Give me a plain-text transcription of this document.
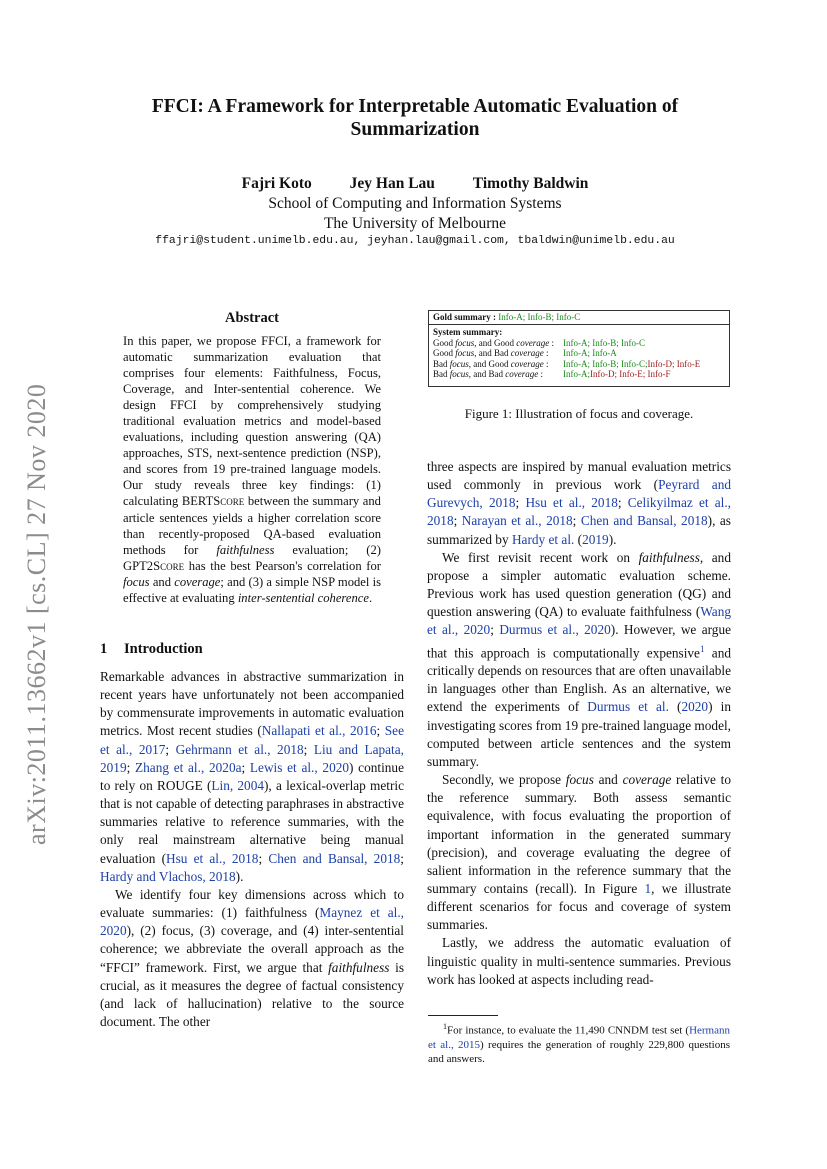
arXiv:2011.13662v1 [cs.CL] 27 Nov 2020
FFCI: A Framework for Interpretable Automatic Evaluation of
Summarization
Fajri Koto Jey Han Lau Timothy Baldwin
School of Computing and Information Systems
The University of Melbourne
ffajri@student.unimelb.edu.au, jeyhan.lau@gmail.com, tbaldwin@unimelb.edu.au
Abstract
In this paper, we propose FFCI, a framework for automatic summarization evaluation that comprises four elements: Faithfulness, Focus, Coverage, and Inter-sentential coherence. We design FFCI by comprehensively studying traditional evaluation metrics and model-based evaluations, including question answering (QA) approaches, STS, next-sentence prediction (NSP), and scores from 19 pre-trained language models. Our study reveals three key findings: (1) calculating BERTScore between the summary and article sentences yields a higher correlation score than recently-proposed QA-based evaluation methods for faithfulness evaluation; (2) GPT2Score has the best Pearson's correlation for focus and coverage; and (3) a simple NSP model is effective at evaluating inter-sentential coherence.
1 Introduction

Remarkable advances in abstractive summarization in recent years have unfortunately not been accompanied by commensurate improvements in automatic evaluation metrics. Most recent studies (Nallapati et al., 2016; See et al., 2017; Gehrmann et al., 2018; Liu and Lapata, 2019; Zhang et al., 2020a; Lewis et al., 2020) continue to rely on ROUGE (Lin, 2004), a lexical-overlap metric that is not capable of detecting paraphrases in abstractive summaries relative to reference summaries, with the only real mainstream alternative being manual evaluation (Hsu et al., 2018; Chen and Bansal, 2018; Hardy and Vlachos, 2018).

We identify four key dimensions across which to evaluate summaries: (1) faithfulness (Maynez et al., 2020), (2) focus, (3) coverage, and (4) inter-sentential coherence; we abbreviate the overall approach as the “FFCI” framework. First, we argue that faithfulness is crucial, as it measures the degree of factual consistency (and lack of hallucination) relative to the source document. The other

Gold summary : Info-A; Info-B; Info-C
System summary:
Good focus, and Good coverage :	Info-A; Info-B; Info-C
Good focus, and Bad coverage :	Info-A; Info-A
Bad focus, and Good coverage :	Info-A; Info-B; Info-C; Info-D; Info-E
Bad focus, and Bad coverage :	Info-A; Info-D; Info-E; Info-F
Figure 1: Illustration of focus and coverage.

three aspects are inspired by manual evaluation metrics used commonly in previous work (Peyrard and Gurevych, 2018; Hsu et al., 2018; Celikyilmaz et al., 2018; Narayan et al., 2018; Chen and Bansal, 2018), as summarized by Hardy et al. (2019).

We first revisit recent work on faithfulness, and propose a simpler automatic evaluation scheme. Previous work has used question generation (QG) and question answering (QA) to evaluate faithfulness (Wang et al., 2020; Durmus et al., 2020). However, we argue that this approach is computationally expensive$^1$ and critically depends on resources that are often unavailable in languages other than English. As an alternative, we extend the experiments of Durmus et al. (2020) in investigating scores from 19 pre-trained language model, computed between article sentences and the system summary.

Secondly, we propose focus and coverage relative to the reference summary. Both assess semantic equivalence, with focus evaluating the proportion of important information in the generated summary (precision), and coverage evaluating the degree of salient information in the reference summary that the summary contains (recall). In Figure 1, we illustrate different scenarios for focus and coverage of system summaries.

Lastly, we address the automatic evaluation of linguistic quality in multi-sentence summaries. Previous work has looked at aspects including read-

$^1$For instance, to evaluate the 11,490 CNNDM test set (Hermann et al., 2015) requires the generation of roughly 229,800 questions and answers.
